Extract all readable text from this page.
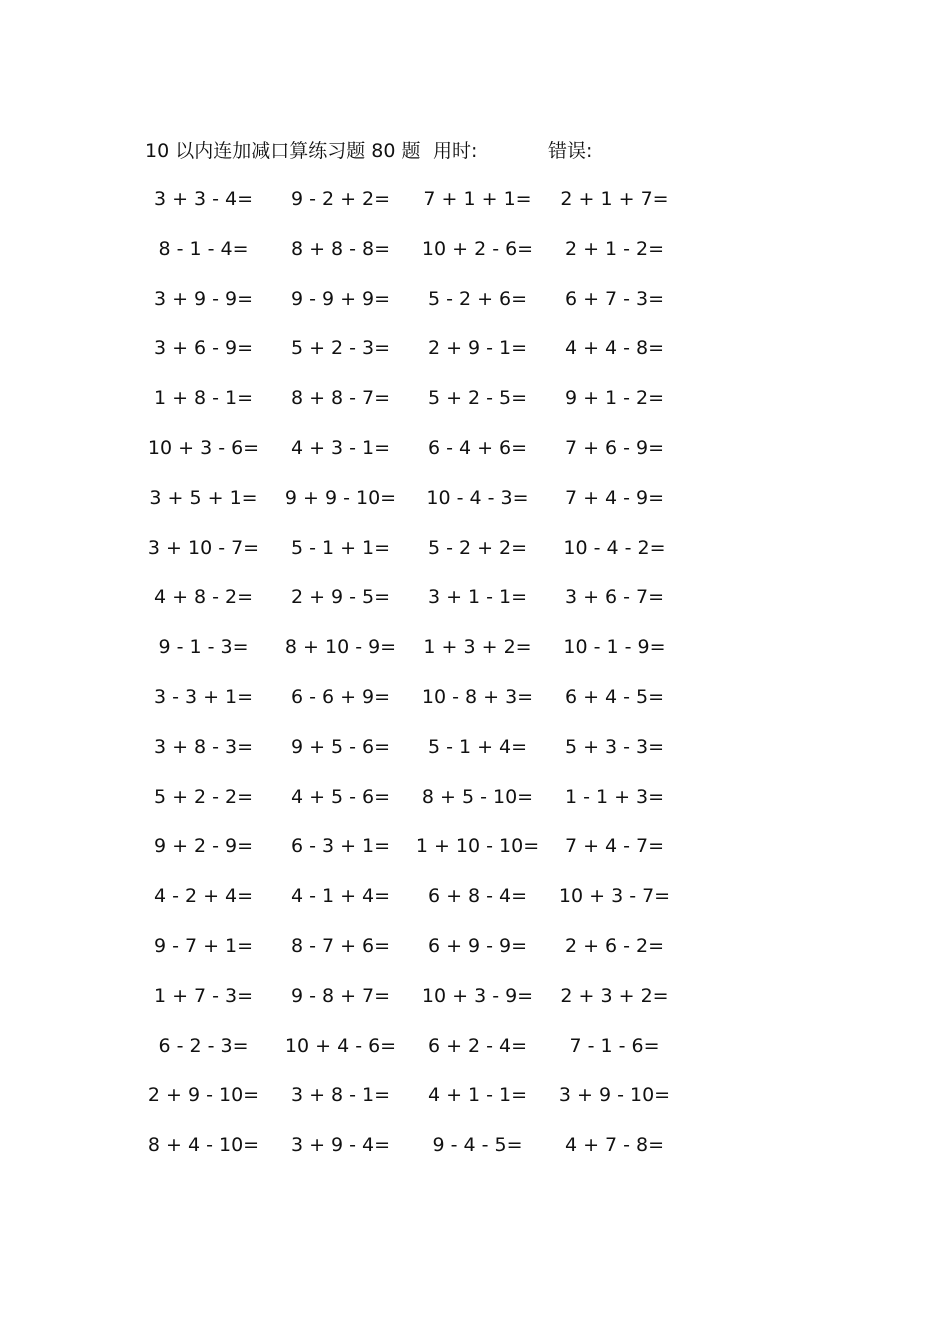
10 以内连加减口算练习题 80 题 用时:	错误:
3 + 3 - 4=	9 - 2 + 2=	7 + 1 + 1=	2 + 1 + 7=
8 - 1 - 4=	8 + 8 - 8=	10 + 2 - 6=	2 + 1 - 2=
3 + 9 - 9=	9 - 9 + 9=	5 - 2 + 6=	6 + 7 - 3=
3 + 6 - 9=	5 + 2 - 3=	2 + 9 - 1=	4 + 4 - 8=
1 + 8 - 1=	8 + 8 - 7=	5 + 2 - 5=	9 + 1 - 2=
10 + 3 - 6=	4 + 3 - 1=	6 - 4 + 6=	7 + 6 - 9=
3 + 5 + 1=	9 + 9 - 10=	10 - 4 - 3=	7 + 4 - 9=
3 + 10 - 7=	5 - 1 + 1=	5 - 2 + 2=	10 - 4 - 2=
4 + 8 - 2=	2 + 9 - 5=	3 + 1 - 1=	3 + 6 - 7=
9 - 1 - 3=	8 + 10 - 9=	1 + 3 + 2=	10 - 1 - 9=
3 - 3 + 1=	6 - 6 + 9=	10 - 8 + 3=	6 + 4 - 5=
3 + 8 - 3=	9 + 5 - 6=	5 - 1 + 4=	5 + 3 - 3=
5 + 2 - 2=	4 + 5 - 6=	8 + 5 - 10=	1 - 1 + 3=
9 + 2 - 9=	6 - 3 + 1=	1 + 10 - 10=	7 + 4 - 7=
4 - 2 + 4=	4 - 1 + 4=	6 + 8 - 4=	10 + 3 - 7=
9 - 7 + 1=	8 - 7 + 6=	6 + 9 - 9=	2 + 6 - 2=
1 + 7 - 3=	9 - 8 + 7=	10 + 3 - 9=	2 + 3 + 2=
6 - 2 - 3=	10 + 4 - 6=	6 + 2 - 4=	7 - 1 - 6=
2 + 9 - 10=	3 + 8 - 1=	4 + 1 - 1=	3 + 9 - 10=
8 + 4 - 10=	3 + 9 - 4=	9 - 4 - 5=	4 + 7 - 8=
